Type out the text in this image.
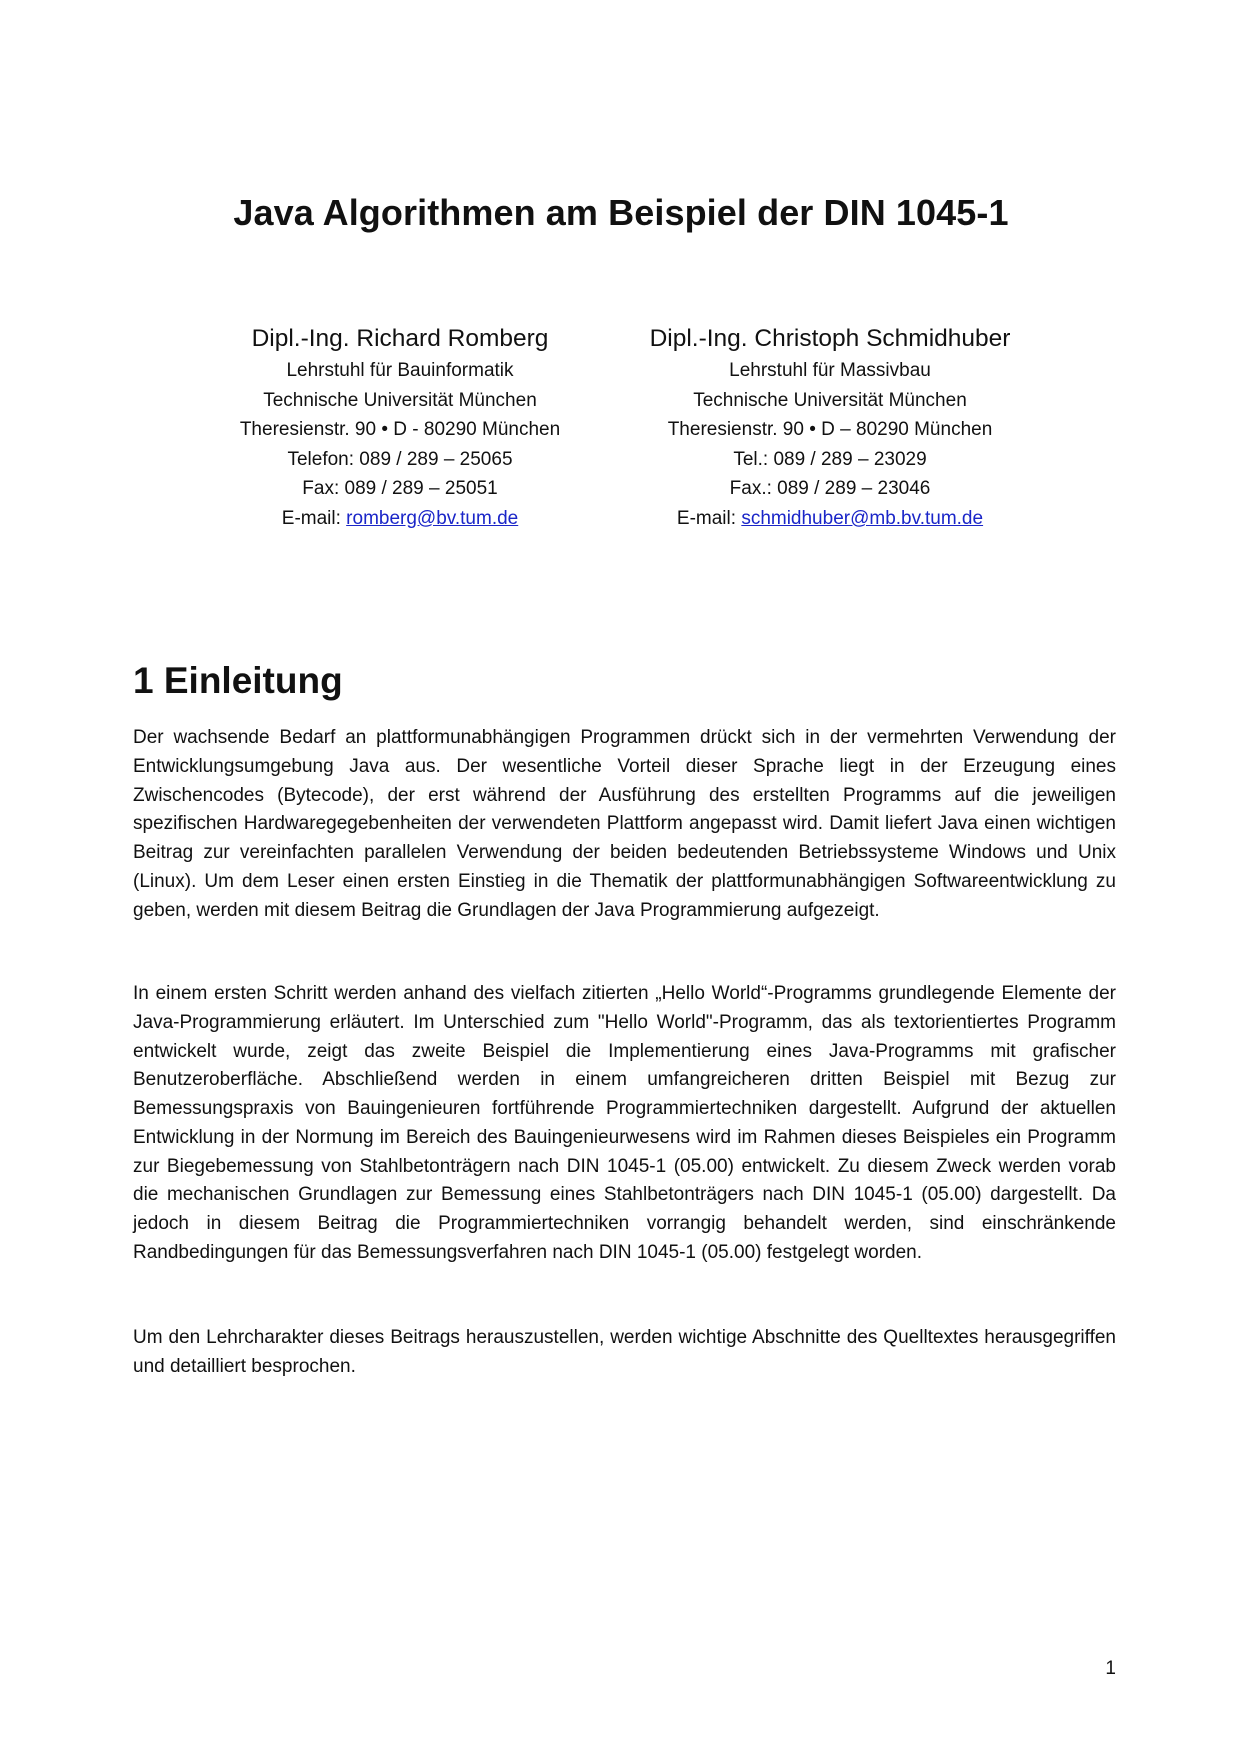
Java Algorithmen am Beispiel der DIN 1045-1
Dipl.-Ing. Richard Romberg
Lehrstuhl für Bauinformatik
Technische Universität München
Theresienstr. 90 • D - 80290 München
Telefon: 089 / 289 – 25065
Fax: 089 / 289 – 25051
E-mail: romberg@bv.tum.de
Dipl.-Ing. Christoph Schmidhuber
Lehrstuhl für Massivbau
Technische Universität München
Theresienstr. 90 • D – 80290 München
Tel.: 089 / 289 – 23029
Fax.: 089 / 289 – 23046
E-mail: schmidhuber@mb.bv.tum.de
1 Einleitung

Der wachsende Bedarf an plattformunabhängigen Programmen drückt sich in der vermehrten Verwendung der Entwicklungsumgebung Java aus. Der wesentliche Vorteil dieser Sprache liegt in der Erzeugung eines Zwischencodes (Bytecode), der erst während der Ausführung des erstellten Programms auf die jeweiligen spezifischen Hardwaregegebenheiten der verwendeten Plattform angepasst wird. Damit liefert Java einen wichtigen Beitrag zur vereinfachten parallelen Verwendung der beiden bedeutenden Betriebssysteme Windows und Unix (Linux). Um dem Leser einen ersten Einstieg in die Thematik der plattformunabhängigen Softwareentwicklung zu geben, werden mit diesem Beitrag die Grundlagen der Java Programmierung aufgezeigt.

In einem ersten Schritt werden anhand des vielfach zitierten „Hello World“-Programms grundlegende Elemente der Java-Programmierung erläutert. Im Unterschied zum "Hello World"-Programm, das als textorientiertes Programm entwickelt wurde, zeigt das zweite Beispiel die Implementierung eines Java-Programms mit grafischer Benutzeroberfläche. Abschließend werden in einem umfangreicheren dritten Beispiel mit Bezug zur Bemessungspraxis von Bauingenieuren fortführende Programmiertechniken dargestellt. Aufgrund der aktuellen Entwicklung in der Normung im Bereich des Bauingenieurwesens wird im Rahmen dieses Beispieles ein Programm zur Biegebemessung von Stahlbetonträgern nach DIN 1045-1 (05.00) entwickelt. Zu diesem Zweck werden vorab die mechanischen Grundlagen zur Bemessung eines Stahlbetonträgers nach DIN 1045-1 (05.00) dargestellt. Da jedoch in diesem Beitrag die Programmiertechniken vorrangig behandelt werden, sind einschränkende Randbedingungen für das Bemessungsverfahren nach DIN 1045-1 (05.00) festgelegt worden.

Um den Lehrcharakter dieses Beitrags herauszustellen, werden wichtige Abschnitte des Quelltextes herausgegriffen und detailliert besprochen.

1
